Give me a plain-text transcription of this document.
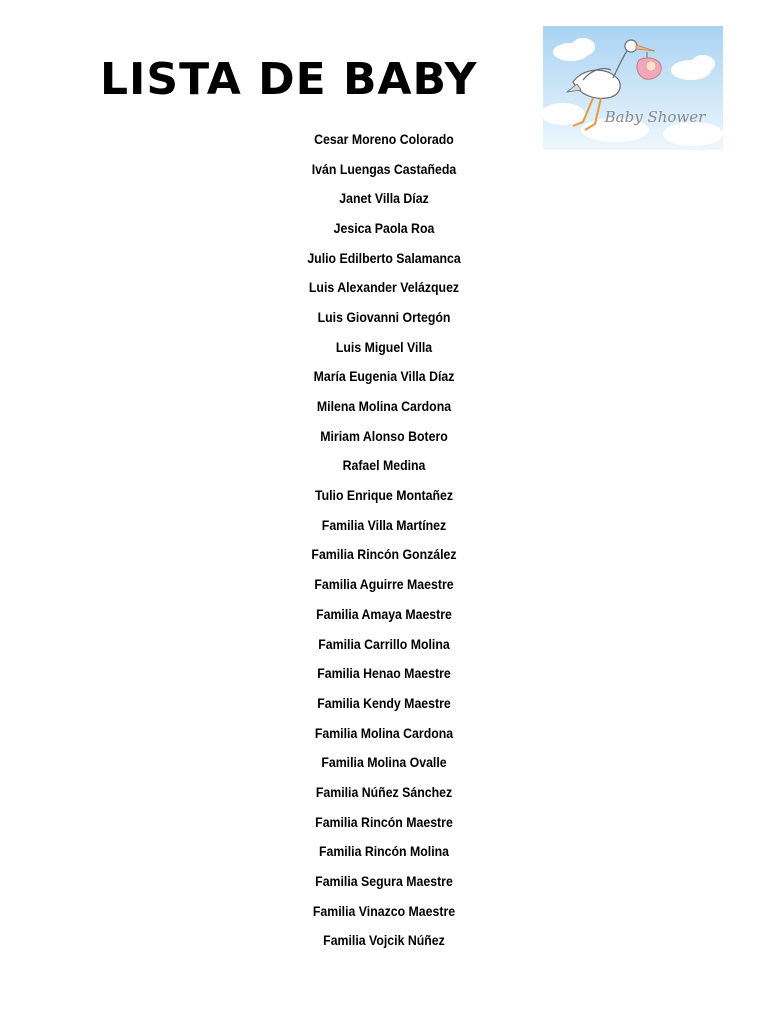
LISTA DE BABY
Baby Shower
Cesar Moreno Colorado
Iván Luengas Castañeda
Janet Villa Díaz
Jesica Paola Roa
Julio Edilberto Salamanca
Luis Alexander Velázquez
Luis Giovanni Ortegón
Luis Miguel Villa
María Eugenia Villa Díaz
Milena Molina Cardona
Miriam Alonso Botero
Rafael Medina
Tulio Enrique Montañez
Familia Villa Martínez
Familia Rincón González
Familia Aguirre Maestre
Familia Amaya Maestre
Familia Carrillo Molina
Familia Henao Maestre
Familia Kendy Maestre
Familia Molina Cardona
Familia Molina Ovalle
Familia Núñez Sánchez
Familia Rincón Maestre
Familia Rincón Molina
Familia Segura Maestre
Familia Vinazco Maestre
Familia Vojcik Núñez
